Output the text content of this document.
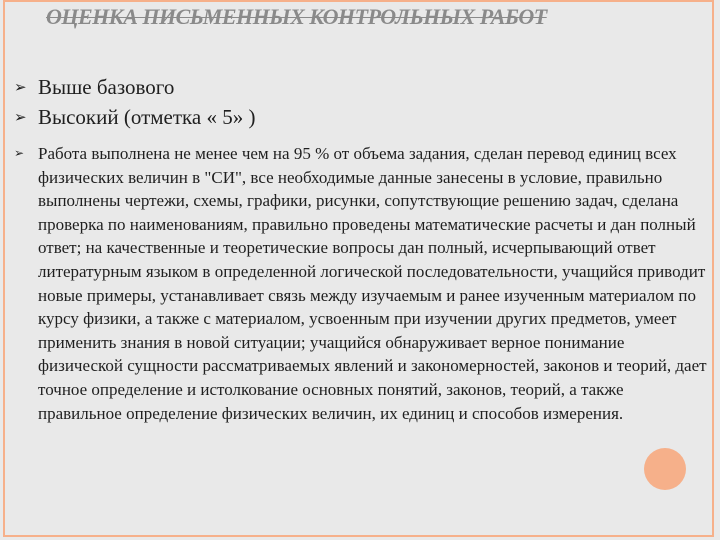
ОЦЕНКА ПИСЬМЕННЫХ КОНТРОЛЬНЫХ РАБОТ
➢ Выше базового
➢ Высокий (отметка « 5» )
➢ Работа выполнена не менее чем на 95 % от объема задания, сделан перевод единиц всех физических величин в "СИ", все необходимые данные занесены в условие, правильно выполнены чертежи, схемы, графики, рисунки, сопутствующие решению задач, сделана проверка по наименованиям, правильно проведены математические расчеты и дан полный ответ; на качественные и теоретические вопросы дан полный, исчерпывающий ответ литературным языком в определенной логической последовательности, учащийся приводит новые примеры, устанавливает связь между изучаемым и ранее изученным материалом по курсу физики, а также с материалом, усвоенным при изучении других предметов, умеет применить знания в новой ситуации; учащийся обнаруживает верное понимание физической сущности рассматриваемых явлений и закономерностей, законов и теорий, дает точное определение и истолкование основных понятий, законов, теорий, а также правильное определение физических величин, их единиц и способов измерения.
